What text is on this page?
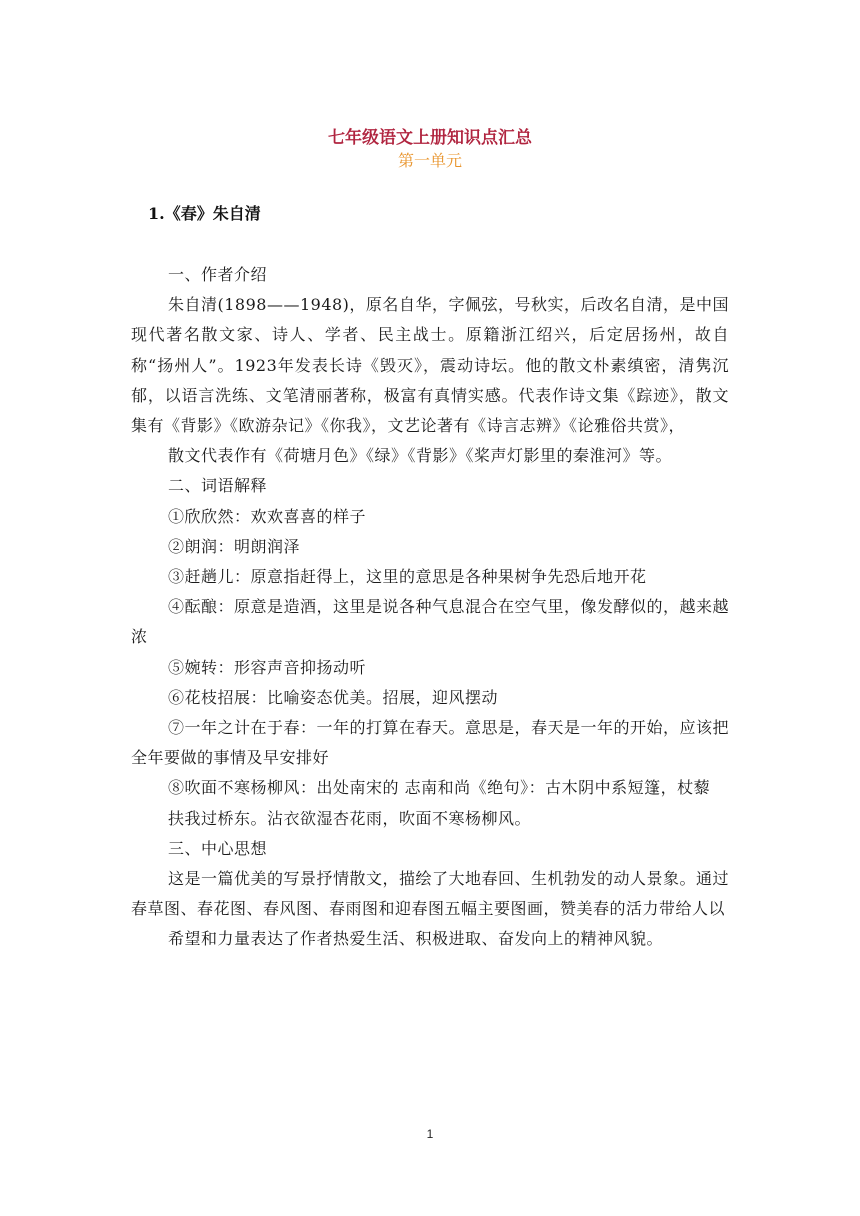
七年级语文上册知识点汇总
第一单元
1.《春》朱自清

一、作者介绍

朱自清(1898——1948)，原名自华，字佩弦，号秋实，后改名自清，是中国现代著名散文家、诗人、学者、民主战士。原籍浙江绍兴，后定居扬州，故自称“扬州人”。1923年发表长诗《毁灭》，震动诗坛。他的散文朴素缜密，清隽沉郁，以语言洗练、文笔清丽著称，极富有真情实感。代表作诗文集《踪迹》，散文集有《背影》《欧游杂记》《你我》，文艺论著有《诗言志辨》《论雅俗共赏》，

散文代表作有《荷塘月色》《绿》《背影》《桨声灯影里的秦淮河》等。

二、词语解释

①欣欣然：欢欢喜喜的样子

②朗润：明朗润泽

③赶趟儿：原意指赶得上，这里的意思是各种果树争先恐后地开花

④酝酿：原意是造酒，这里是说各种气息混合在空气里，像发酵似的，越来越浓

⑤婉转：形容声音抑扬动听

⑥花枝招展：比喻姿态优美。招展，迎风摆动

⑦一年之计在于春：一年的打算在春天。意思是，春天是一年的开始，应该把全年要做的事情及早安排好

⑧吹面不寒杨柳风：出处南宋的 志南和尚《绝句》：古木阴中系短篷，杖藜

扶我过桥东。沾衣欲湿杏花雨，吹面不寒杨柳风。

三、中心思想

这是一篇优美的写景抒情散文，描绘了大地春回、生机勃发的动人景象。通过春草图、春花图、春风图、春雨图和迎春图五幅主要图画，赞美春的活力带给人以

希望和力量表达了作者热爱生活、积极进取、奋发向上的精神风貌。

1
